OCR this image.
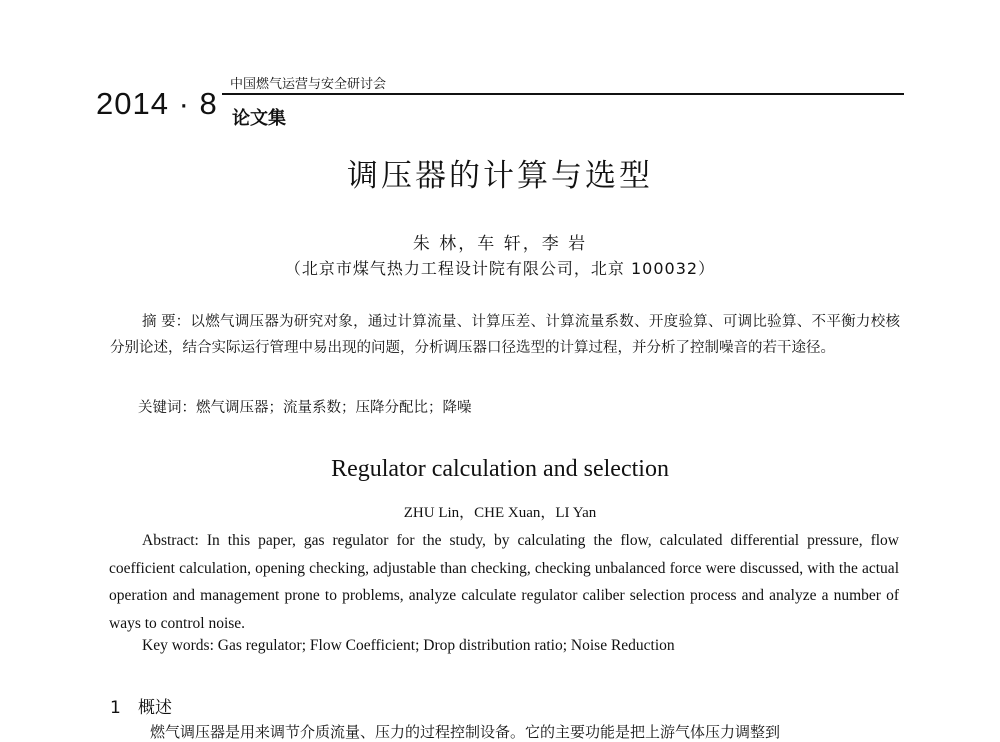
2014 · 8
中国燃气运营与安全研讨会
论文集
调压器的计算与选型
朱 林，车 轩，李 岩
（北京市煤气热力工程设计院有限公司，北京 100032）
摘 要：以燃气调压器为研究对象，通过计算流量、计算压差、计算流量系数、开度验算、可调比验算、不平衡力校核分别论述，结合实际运行管理中易出现的问题，分析调压器口径选型的计算过程，并分析了控制噪音的若干途径。
关键词：燃气调压器；流量系数；压降分配比；降噪
Regulator calculation and selection
ZHU Lin，CHE Xuan，LI Yan
Abstract: In this paper, gas regulator for the study, by calculating the flow, calculated differential pressure, flow coefficient calculation, opening checking, adjustable than checking, checking unbalanced force were discussed, with the actual operation and management prone to problems, analyze calculate regulator caliber selection process and analyze a number of ways to control noise.
Key words: Gas regulator; Flow Coefficient; Drop distribution ratio; Noise Reduction
1 概述
燃气调压器是用来调节介质流量、压力的过程控制设备。它的主要功能是把上游气体压力调整到
